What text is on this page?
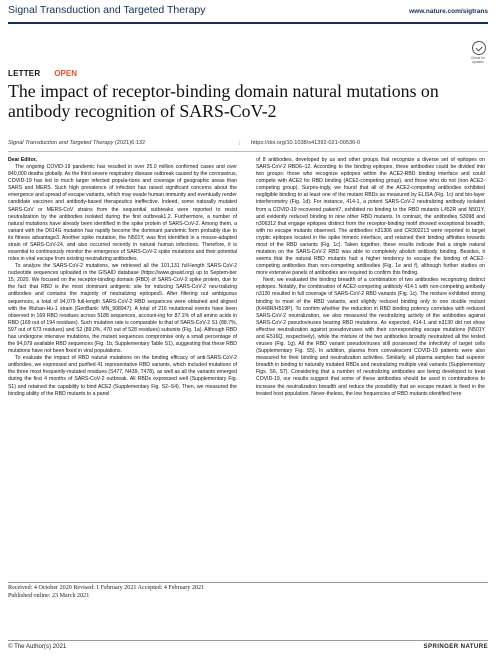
Signal Transduction and Targeted Therapy	www.nature.com/sigtrans
Check for updates
LETTER OPEN
The impact of receptor-binding domain natural mutations on antibody recognition of SARS-CoV-2
Signal Transduction and Targeted Therapy (2021)6:132	; https://doi.org/10.1038/s41392-021-00536-0
Dear Editor,

The ongoing COVID-19 pandemic has resulted in over 25.0 million confirmed cases and over 840,000 deaths globally. As the third severe respiratory disease outbreak caused by the coronavirus, COVID-19 has led to much larger infected popula-tions and coverage of geographic areas than SARS and MERS. Such high prevalence of infection has raised significant concerns about the emergence and spread of escape variants, which may evade human immunity and eventually render candidate vaccines and antibody-based therapeutics ineffective. Indeed, some naturally mutated SARS-CoV or MERS-CoV strains from the sequential outbreaks were reported to resist neutralization by the antibodies isolated during the first outbreak1,2. Furthermore, a number of natural mutations have already been identified in the spike protein of SARS-CoV-2. Among them, a variant with the D614G mutation has rapidly become the dominant pandemic form probably due to its fitness advantage3. Another spike mutation, the N501Y, was first identified in a mouse-adapted strain of SARS-CoV-24, and also occurred recently in natural human infections. Therefore, it is essential to continuously monitor the emergence of SARS-CoV-2 spike mutations and their potential roles in viral escape from existing neutralizing antibodies.

To analyze the SARS-CoV-2 mutations, we retrieved all the 101,131 full-length SARS-CoV-2 nucleotide sequences uploaded in the GISAID database (https://www.gisaid.org) up to Septem-ber 15, 2020. We focused on the receptor-binding domain (RBD) of SARS-CoV-2 spike protein, due to the fact that RBD is the most dominant antigenic site for inducing SARS-CoV-2 neu-tralizing antibodies and contains the majority of neutralizing epitopes5. After filtering out ambiguous sequences, a total of 94,079 full-length SARS-CoV-2 RBD sequences were obtained and aligned with the Wuhan-Hu-1 strain (GenBank: MN_908947). A total of 216 mutational events have been observed in 169 RBD residues across 5188 sequences, account-ing for 87.1% of all amino acids in RBD (169 out of 194 residues). Such mutation rate is comparable to that of SARS-CoV-2 S1 (88.7%, 597 out of 673 residues) and S2 (89.0%, 470 out of 528 residues) subunits (Fig. 1a). Although RBD has undergone intensive mutations, the mutant sequences compromise only a small percentage of the 94,079 available RBD sequences (Fig. 1b, Supplementary Table S1), suggesting that these RBD mutations have not been fixed in viral populations.

To evaluate the impact of RBD natural mutations on the binding efficacy of anti-SARS-CoV-2 antibodies, we expressed and purified 41 representative RBD variants, which included mutations of the three most frequently-mutated residues (S477, N439, T478), as well as all the variants emerged during the first 4 months of SARS-CoV-2 outbreak. All RBDs expressed well (Supplementary Fig. S1) and retained the capability to bind ACE2 (Supplementary Fig. S2–S4). Then, we measured the binding ability of the RBD mutants to a panel

of 8 antibodies, developed by us and other groups that recognize a diverse set of epitopes on SARS-CoV-2 RBD6–12. According to the binding epitopes, these antibodies could be divided into two groups: those who recognize epitopes within the ACE2-RBD binding interface and could compete with ACE2 for RBD binding (ACE2-competing group), and those who do not (non ACE2-competing group). Surpris-ingly, we found that all of the ACE2-competing antibodies exhibited negligible binding to at least one of the mutant RBDs as measured by ELISA (Fig. 1c) and bio-layer interferometry (Fig. 1d). For instance, 414-1, a potent SARS-CoV-2 neutralizing antibody isolated from a COVID-19 recovered patient7, exhibited no binding to the RBD mutants L452R and N501Y, and evidently reduced binding to nine other RBD mutants. In contrast, the antibodies S3098 and n306312 that engage epitopes distinct from the receptor-binding motif showed exceptional breadth, with no escape mutants observed. The antibodies n31306 and CR302213 were reported to target cryptic epitopes located in the spike trimeric interface, and retained their binding affinities towards most of the RBD variants (Fig. 1c). Taken together, these results indicate that a single natural mutation on the SARS-CoV-2 RBD was able to completely abolish antibody binding. Besides, it seems that the natural RBD mutants had a higher tendency to escape the binding of ACE2-competing antibodies than non-competing antibodies (Fig. 1e and f), although further studies on more extensive panels of antibodies are required to confirm this finding.

Next, we evaluated the binding breadth of a combination of two antibodies recognizing distinct epitopes. Notably, the combination of ACE2-competing antibody 414-1 with non-competing antibody n3130 resulted in full coverage of SARS-CoV-2 RBD variants (Fig. 1c). The mixture exhibited strong binding to most of the RBD variants, and slightly reduced binding only to one double mutant (K448R/H519P). To confirm whether the reduction in RBD binding potency correlates with reduced SARS-CoV-2 neutralization, we also measured the neutralizing activity of the antibodies against SARS-CoV-2 pseudoviruses bearing RBD mutations. As expected, 414-1 and n3130 did not show effective neutralization against pseudoviruses with their corresponding escape mutations (N501Y and E516Q, respectively), while the mixture of the two antibodies broadly neutralized all the tested viruses (Fig. 1g). All the RBD variant pseudoviruses still possessed the infectivity of target cells (Supplementary Fig. S5). In addition, plasma from convalescent COVID-19 patients were also measured for their binding and neutralization activities. Similarly, all plasma samples had superior breadth in binding to naturally mutated RBDs and neutralizing multiple viral variants (Supplementary Figs. S6, S7). Considering that a number of neutralizing antibodies are being developed to treat COVID-19, our results suggest that some of these antibodies should be used in combinations to increase the neutralization breadth and reduce the possibility that an escape mutant is fixed in the treated host population. Never-theless, the low frequencies of RBD mutants identified here

Received: 4 October 2020 Revised: 1 February 2021 Accepted: 4 February 2021
Published online: 23 March 2021
© The Author(s) 2021	SPRINGER NATURE
